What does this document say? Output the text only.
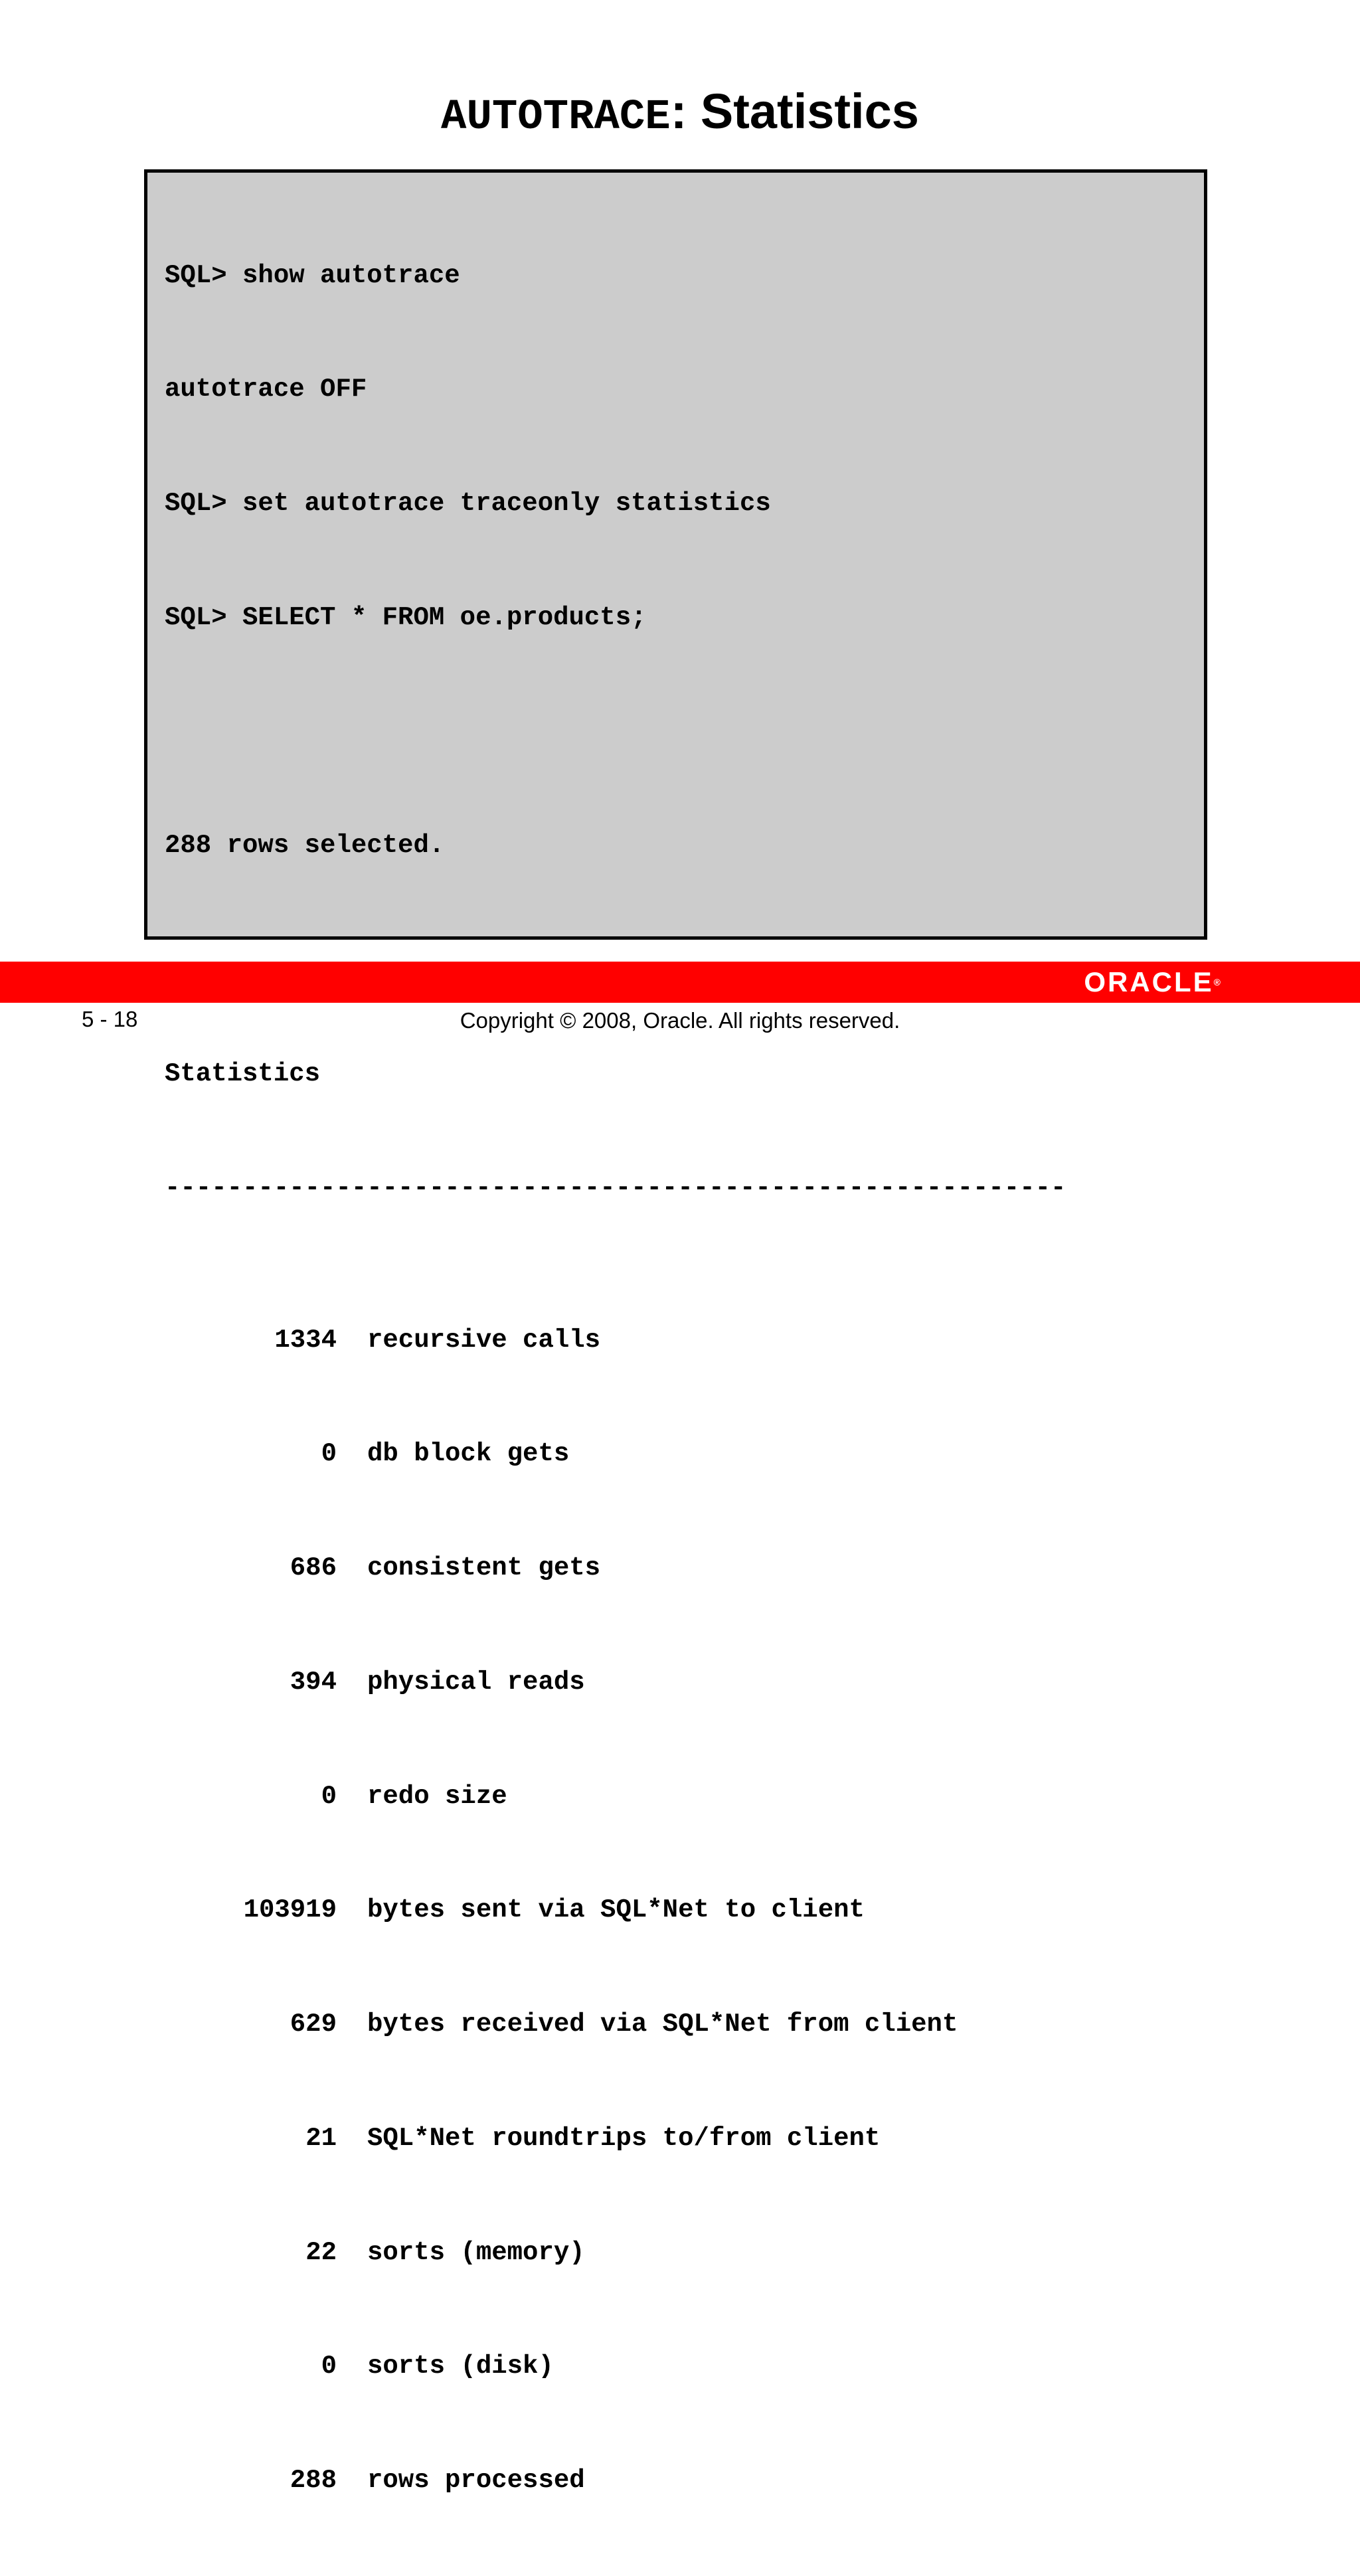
AUTOTRACE: Statistics

SQL> show autotrace

autotrace OFF

SQL> set autotrace traceonly statistics

SQL> SELECT * FROM oe.products;

288 rows selected.

Statistics

----------------------------------------------------------

1334 recursive calls

0 db block gets

686 consistent gets

394 physical reads

0 redo size

103919 bytes sent via SQL*Net to client

629 bytes received via SQL*Net from client

21 SQL*Net roundtrips to/from client

22 sorts (memory)

0 sorts (disk)

288 rows processed

ORACLE®
5 - 18	Copyright © 2008, Oracle. All rights reserved.
